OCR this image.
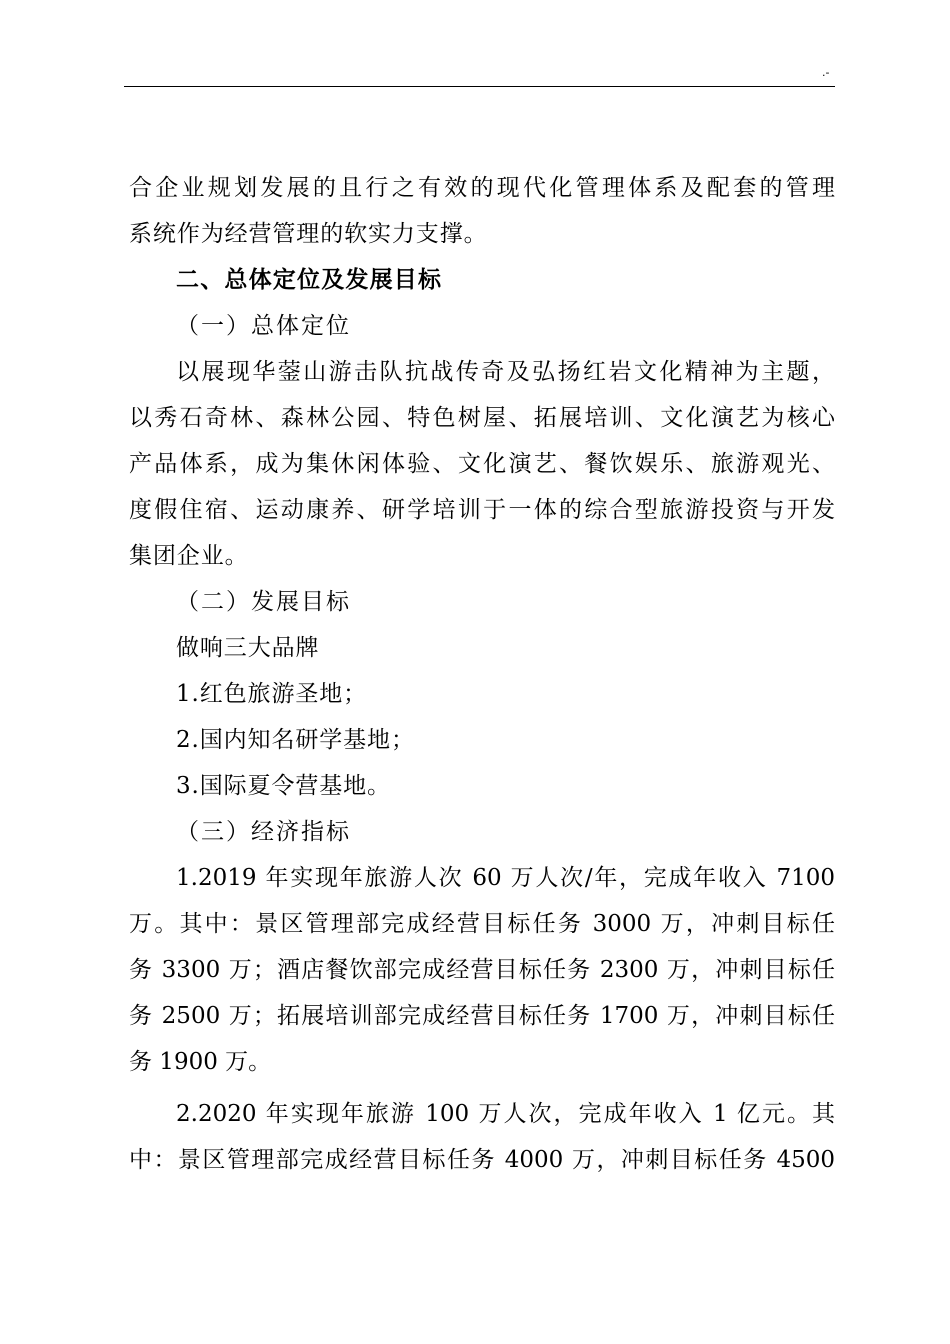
.-
合企业规划发展的且行之有效的现代化管理体系及配套的管理
系统作为经营管理的软实力支撑。
二、总体定位及发展目标
（一）总体定位
以展现华蓥山游击队抗战传奇及弘扬红岩文化精神为主题，
以秀石奇林、森林公园、特色树屋、拓展培训、文化演艺为核心
产品体系，成为集休闲体验、文化演艺、餐饮娱乐、旅游观光、
度假住宿、运动康养、研学培训于一体的综合型旅游投资与开发
集团企业。
（二）发展目标
做响三大品牌
1.红色旅游圣地；
2.国内知名研学基地；
3.国际夏令营基地。
（三）经济指标
1.2019 年实现年旅游人次 60 万人次/年，完成年收入 7100
万。其中：景区管理部完成经营目标任务 3000 万，冲刺目标任
务 3300 万；酒店餐饮部完成经营目标任务 2300 万，冲刺目标任
务 2500 万；拓展培训部完成经营目标任务 1700 万，冲刺目标任
务 1900 万。
2.2020 年实现年旅游 100 万人次，完成年收入 1 亿元。其
中：景区管理部完成经营目标任务 4000 万，冲刺目标任务 4500
